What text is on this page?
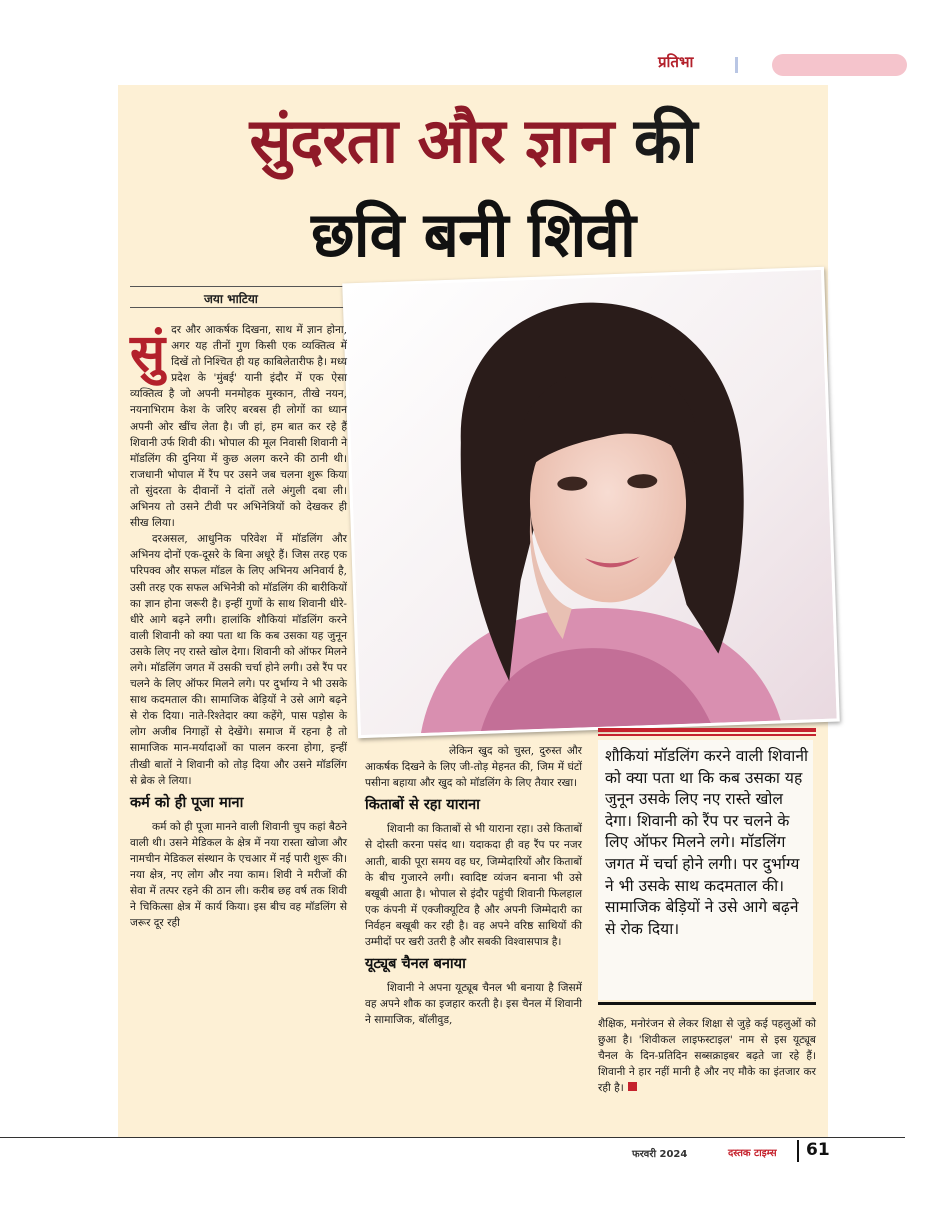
प्रतिभा
सुंदरता और ज्ञान की
छवि बनी शिवी
जया भाटिया
सुं दर और आकर्षक दिखना, साथ में ज्ञान होना, अगर यह तीनों गुण किसी एक व्यक्तित्व में दिखें तो निश्चित ही यह काबिलेतारीफ है। मध्य प्रदेश के 'मुंबई' यानी इंदौर में एक ऐसा व्यक्तित्व है जो अपनी मनमोहक मुस्कान, तीखे नयन, नयनाभिराम केश के जरिए बरबस ही लोगों का ध्यान अपनी ओर खींच लेता है। जी हां, हम बात कर रहे हैं शिवानी उर्फ शिवी की। भोपाल की मूल निवासी शिवानी ने मॉडलिंग की दुनिया में कुछ अलग करने की ठानी थी। राजधानी भोपाल में रैंप पर उसने जब चलना शुरू किया तो सुंदरता के दीवानों ने दांतों तले अंगुली दबा ली। अभिनय तो उसने टीवी पर अभिनेत्रियों को देखकर ही सीख लिया।

दरअसल, आधुनिक परिवेश में मॉडलिंग और अभिनय दोनों एक-दूसरे के बिना अधूरे हैं। जिस तरह एक परिपक्व और सफल मॉडल के लिए अभिनय अनिवार्य है, उसी तरह एक सफल अभिनेत्री को मॉडलिंग की बारीकियों का ज्ञान होना जरूरी है। इन्हीं गुणों के साथ शिवानी धीरे-धीरे आगे बढ़ने लगी। हालांकि शौकियां मॉडलिंग करने वाली शिवानी को क्या पता था कि कब उसका यह जुनून उसके लिए नए रास्ते खोल देगा। शिवानी को ऑफर मिलने लगे। मॉडलिंग जगत में उसकी चर्चा होने लगी। उसे रैंप पर चलने के लिए ऑफर मिलने लगे। पर दुर्भाग्य ने भी उसके साथ कदमताल की। सामाजिक बेड़ियों ने उसे आगे बढ़ने से रोक दिया। नाते-रिश्तेदार क्या कहेंगे, पास पड़ोस के लोग अजीब निगाहों से देखेंगे। समाज में रहना है तो सामाजिक मान-मर्यादाओं का पालन करना होगा, इन्हीं तीखी बातों ने शिवानी को तोड़ दिया और उसने मॉडलिंग से ब्रेक ले लिया।

कर्म को ही पूजा माना

कर्म को ही पूजा मानने वाली शिवानी चुप कहां बैठने वाली थी। उसने मेडिकल के क्षेत्र में नया रास्ता खोजा और नामचीन मेडिकल संस्थान के एचआर में नई पारी शुरू की। नया क्षेत्र, नए लोग और नया काम। शिवी ने मरीजों की सेवा में तत्पर रहने की ठान ली। करीब छह वर्ष तक शिवी ने चिकित्सा क्षेत्र में कार्य किया। इस बीच वह मॉडलिंग से जरूर दूर रही

लेकिन खुद को चुस्त, दुरुस्त और आकर्षक दिखने के लिए जी-तोड़ मेहनत की, जिम में घंटों पसीना बहाया और खुद को मॉडलिंग के लिए तैयार रखा।

किताबों से रहा याराना

शिवानी का किताबों से भी याराना रहा। उसे किताबों से दोस्ती करना पसंद था। यदाकदा ही वह रैंप पर नजर आती, बाकी पूरा समय वह घर, जिम्मेदारियों और किताबों के बीच गुजारने लगी। स्वादिष्ट व्यंजन बनाना भी उसे बखूबी आता है। भोपाल से इंदौर पहुंची शिवानी फिलहाल एक कंपनी में एक्जीक्यूटिव है और अपनी जिम्मेदारी का निर्वहन बखूबी कर रही है। वह अपने वरिष्ठ साथियों की उम्मीदों पर खरी उतरी है और सबकी विश्वासपात्र है।

यूट्यूब चैनल बनाया

शिवानी ने अपना यूट्यूब चैनल भी बनाया है जिसमें वह अपने शौक का इजहार करती है। इस चैनल में शिवानी ने सामाजिक, बॉलीवुड,

शौकियां मॉडलिंग करने वाली शिवानी को क्या पता था कि कब उसका यह जुनून उसके लिए नए रास्ते खोल देगा। शिवानी को रैंप पर चलने के लिए ऑफर मिलने लगे। मॉडलिंग जगत में चर्चा होने लगी। पर दुर्भाग्य ने भी उसके साथ कदमताल की। सामाजिक बेड़ियों ने उसे आगे बढ़ने से रोक दिया।

शैक्षिक, मनोरंजन से लेकर शिक्षा से जुड़े कई पहलुओं को छुआ है। 'शिवीकल लाइफस्टाइल' नाम से इस यूट्यूब चैनल के दिन-प्रतिदिन सब्सक्राइबर बढ़ते जा रहे हैं। शिवानी ने हार नहीं मानी है और नए मौके का इंतजार कर रही है।

फरवरी 2024	दस्तक टाइम्स 61
